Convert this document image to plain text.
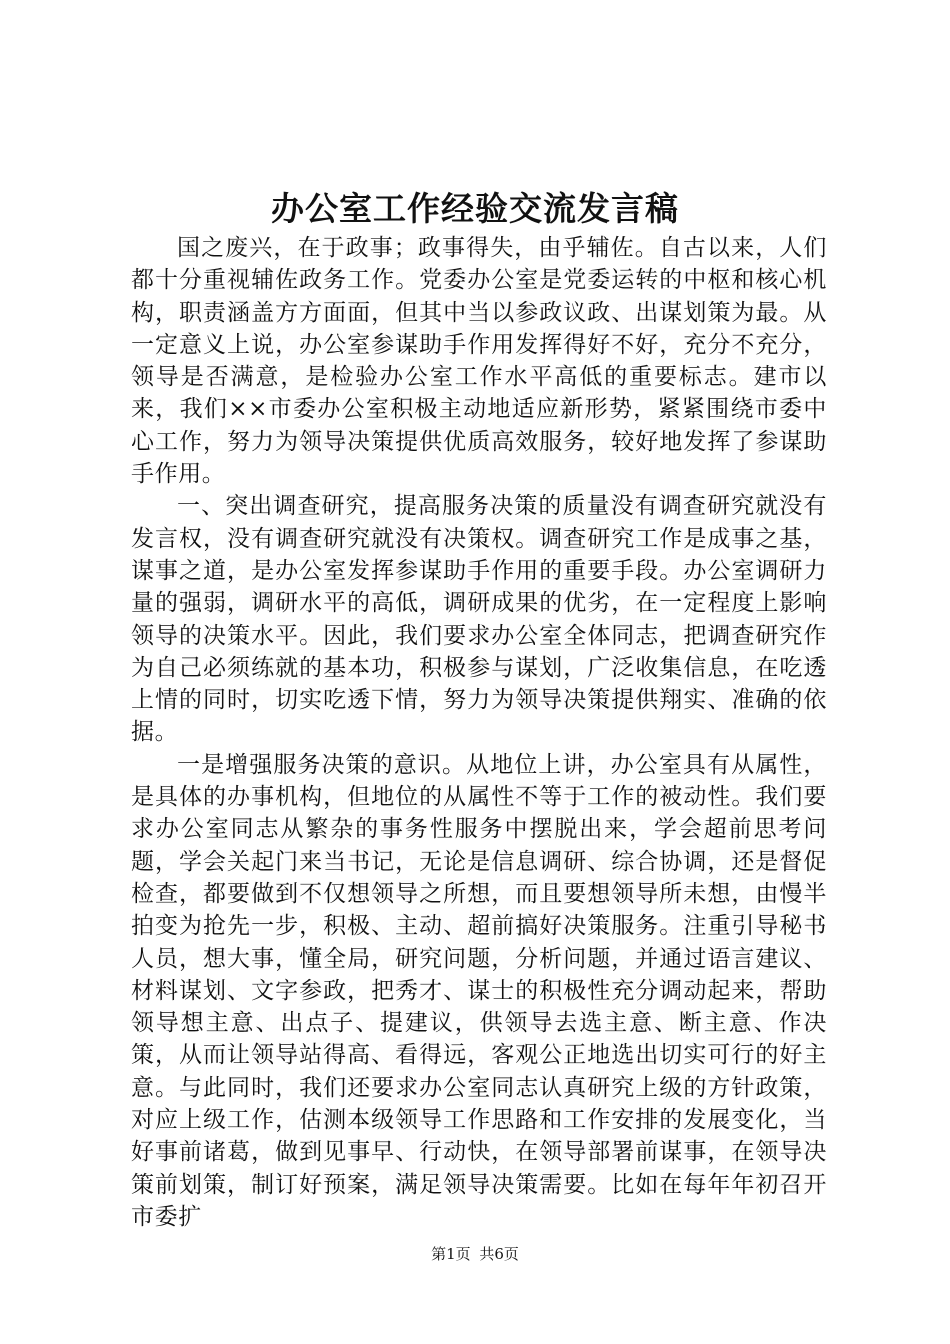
办公室工作经验交流发言稿

国之废兴，在于政事；政事得失，由乎辅佐。自古以来，人们都十分重视辅佐政务工作。党委办公室是党委运转的中枢和核心机构，职责涵盖方方面面，但其中当以参政议政、出谋划策为最。从一定意义上说，办公室参谋助手作用发挥得好不好，充分不充分，领导是否满意，是检验办公室工作水平高低的重要标志。建市以来，我们××市委办公室积极主动地适应新形势，紧紧围绕市委中心工作，努力为领导决策提供优质高效服务，较好地发挥了参谋助手作用。

一、突出调查研究，提高服务决策的质量没有调查研究就没有发言权，没有调查研究就没有决策权。调查研究工作是成事之基，谋事之道，是办公室发挥参谋助手作用的重要手段。办公室调研力量的强弱，调研水平的高低，调研成果的优劣，在一定程度上影响领导的决策水平。因此，我们要求办公室全体同志，把调查研究作为自己必须练就的基本功，积极参与谋划，广泛收集信息，在吃透上情的同时，切实吃透下情，努力为领导决策提供翔实、准确的依据。

一是增强服务决策的意识。从地位上讲，办公室具有从属性，是具体的办事机构，但地位的从属性不等于工作的被动性。我们要求办公室同志从繁杂的事务性服务中摆脱出来，学会超前思考问题，学会关起门来当书记，无论是信息调研、综合协调，还是督促检查，都要做到不仅想领导之所想，而且要想领导所未想，由慢半拍变为抢先一步，积极、主动、超前搞好决策服务。注重引导秘书人员，想大事，懂全局，研究问题，分析问题，并通过语言建议、材料谋划、文字参政，把秀才、谋士的积极性充分调动起来，帮助领导想主意、出点子、提建议，供领导去选主意、断主意、作决策，从而让领导站得高、看得远，客观公正地选出切实可行的好主意。与此同时，我们还要求办公室同志认真研究上级的方针政策，对应上级工作，估测本级领导工作思路和工作安排的发展变化，当好事前诸葛，做到见事早、行动快，在领导部署前谋事，在领导决策前划策，制订好预案，满足领导决策需要。比如在每年年初召开市委扩

第1页 共6页
